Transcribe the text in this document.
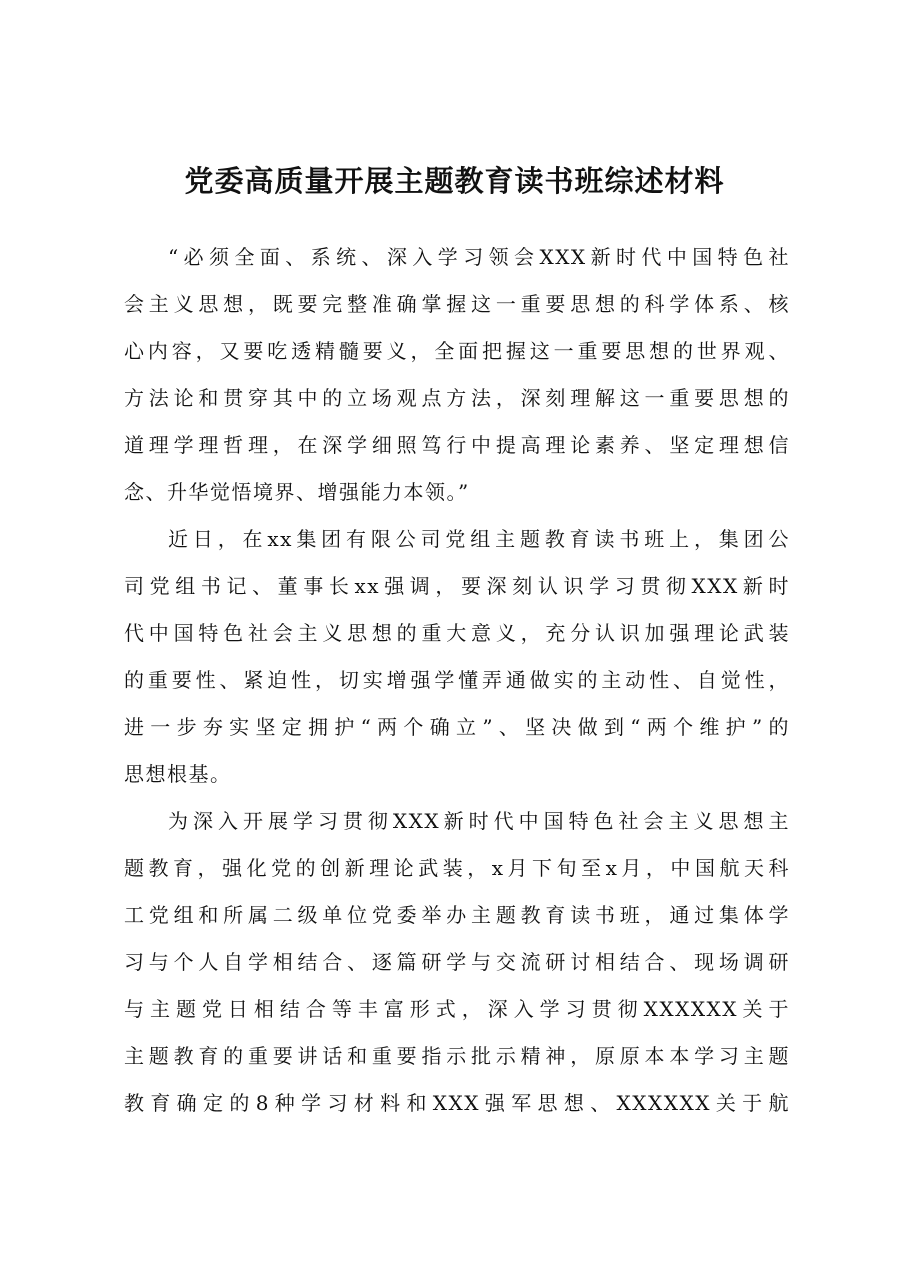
党委高质量开展主题教育读书班综述材料

“必须全面、系统、深入学习领会XXX新时代中国特色社
会主义思想，既要完整准确掌握这一重要思想的科学体系、核
心内容，又要吃透精髓要义，全面把握这一重要思想的世界观、
方法论和贯穿其中的立场观点方法，深刻理解这一重要思想的
道理学理哲理，在深学细照笃行中提高理论素养、坚定理想信
念、升华觉悟境界、增强能力本领。”

近日，在xx集团有限公司党组主题教育读书班上，集团公
司党组书记、董事长xx强调，要深刻认识学习贯彻XXX新时
代中国特色社会主义思想的重大意义，充分认识加强理论武装
的重要性、紧迫性，切实增强学懂弄通做实的主动性、自觉性，
进一步夯实坚定拥护“两个确立”、坚决做到“两个维护”的
思想根基。

为深入开展学习贯彻XXX新时代中国特色社会主义思想主
题教育，强化党的创新理论武装，x月下旬至x月，中国航天科
工党组和所属二级单位党委举办主题教育读书班，通过集体学
习与个人自学相结合、逐篇研学与交流研讨相结合、现场调研
与主题党日相结合等丰富形式，深入学习贯彻XXXXXX关于
主题教育的重要讲话和重要指示批示精神，原原本本学习主题
教育确定的8种学习材料和XXX强军思想、XXXXXX关于航
